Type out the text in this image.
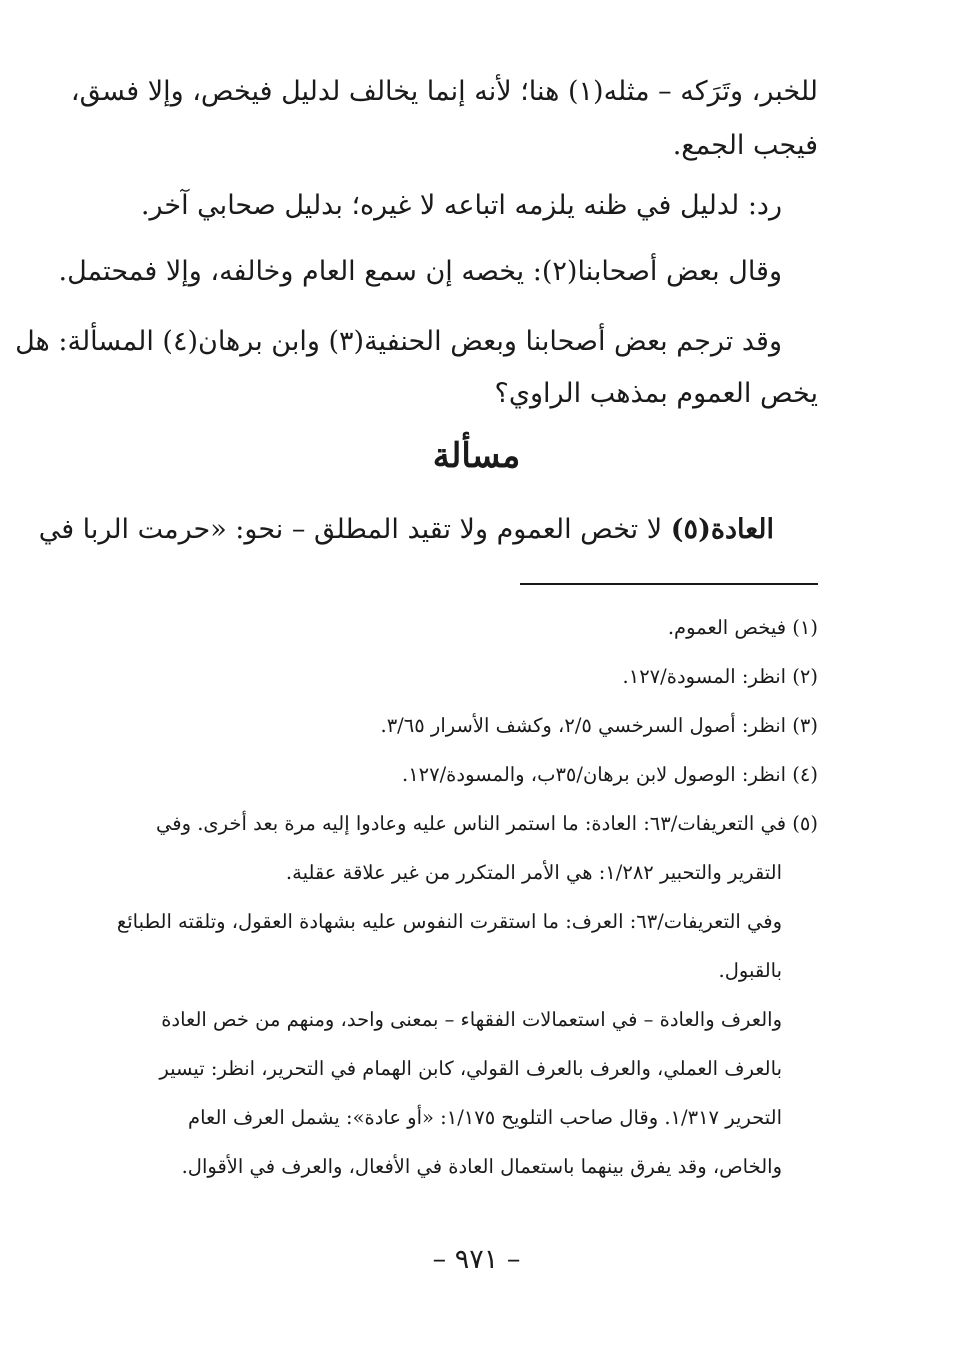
للخبر، وتَرَكه – مثله(١) هنا؛ لأنه إنما يخالف لدليل فيخص، وإلا فسق،
فيجب الجمع.
رد: لدليل في ظنه يلزمه اتباعه لا غيره؛ بدليل صحابي آخر.
وقال بعض أصحابنا(٢): يخصه إن سمع العام وخالفه، وإلا فمحتمل.
وقد ترجم بعض أصحابنا وبعض الحنفية(٣) وابن برهان(٤) المسألة: هل
يخص العموم بمذهب الراوي؟
مسألة
العادة(٥) لا تخص العموم ولا تقيد المطلق – نحو: «حرمت الربا في
(١) فيخص العموم.
(٢) انظر: المسودة/١٢٧.
(٣) انظر: أصول السرخسي ٢/٥، وكشف الأسرار ٣/٦٥.
(٤) انظر: الوصول لابن برهان/٣٥ب، والمسودة/١٢٧.
(٥) في التعريفات/٦٣: العادة: ما استمر الناس عليه وعادوا إليه مرة بعد أخرى. وفي
التقرير والتحبير ١/٢٨٢: هي الأمر المتكرر من غير علاقة عقلية.
وفي التعريفات/٦٣: العرف: ما استقرت النفوس عليه بشهادة العقول، وتلقته الطبائع
بالقبول.
والعرف والعادة – في استعمالات الفقهاء – بمعنى واحد، ومنهم من خص العادة
بالعرف العملي، والعرف بالعرف القولي، كابن الهمام في التحرير، انظر: تيسير
التحرير ١/٣١٧. وقال صاحب التلويح ١/١٧٥: «أو عادة»: يشمل العرف العام
والخاص، وقد يفرق بينهما باستعمال العادة في الأفعال، والعرف في الأقوال.
– ٩٧١ –
